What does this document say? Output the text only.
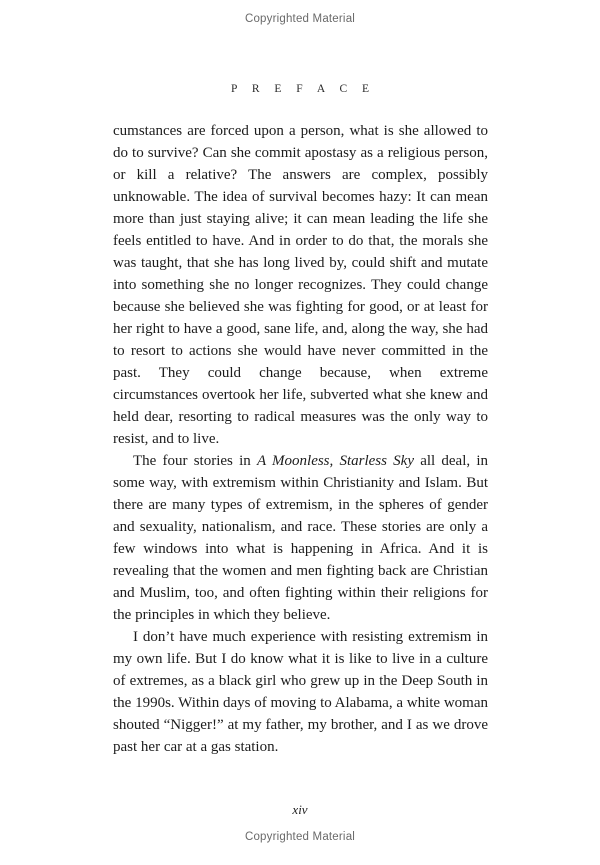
Copyrighted Material
P R E F A C E

cumstances are forced upon a person, what is she allowed to do to survive? Can she commit apostasy as a religious person, or kill a relative? The answers are complex, possibly unknowable. The idea of survival becomes hazy: It can mean more than just staying alive; it can mean leading the life she feels entitled to have. And in order to do that, the morals she was taught, that she has long lived by, could shift and mutate into something she no longer recognizes. They could change because she believed she was fighting for good, or at least for her right to have a good, sane life, and, along the way, she had to resort to actions she would have never committed in the past. They could change because, when extreme circumstances overtook her life, subverted what she knew and held dear, resorting to radical measures was the only way to resist, and to live.

The four stories in A Moonless, Starless Sky all deal, in some way, with extremism within Christianity and Islam. But there are many types of extremism, in the spheres of gender and sexuality, nationalism, and race. These stories are only a few windows into what is happening in Africa. And it is revealing that the women and men fighting back are Christian and Muslim, too, and often fighting within their religions for the principles in which they believe.

I don’t have much experience with resisting extremism in my own life. But I do know what it is like to live in a culture of extremes, as a black girl who grew up in the Deep South in the 1990s. Within days of moving to Alabama, a white woman shouted “Nigger!” at my father, my brother, and I as we drove past her car at a gas station.

xiv
Copyrighted Material
